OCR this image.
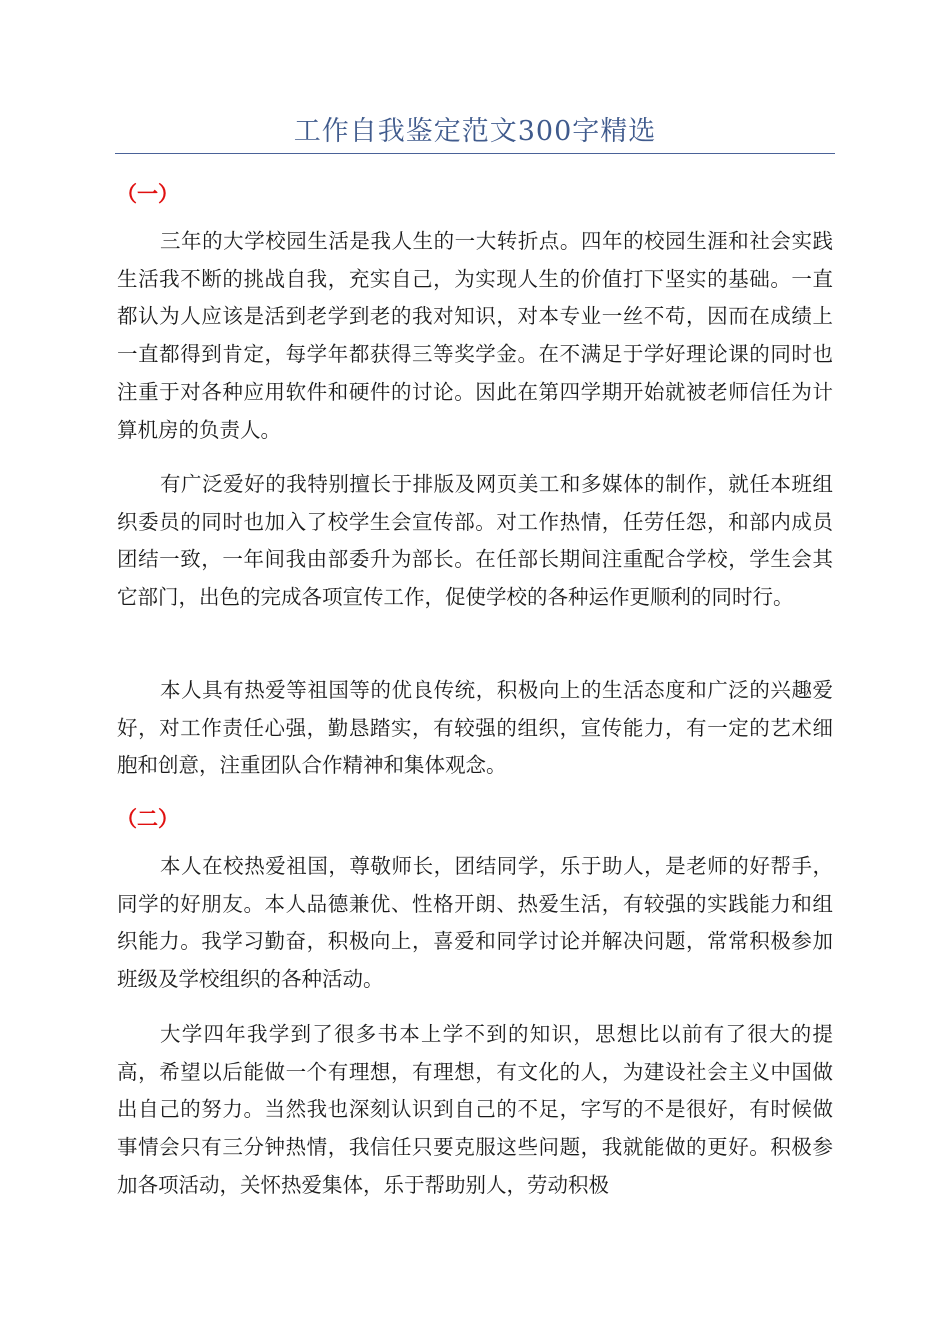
工作自我鉴定范文300字精选
（一）

三年的大学校园生活是我人生的一大转折点。四年的校园生涯和社会实践生活我不断的挑战自我，充实自己，为实现人生的价值打下坚实的基础。一直都认为人应该是活到老学到老的我对知识，对本专业一丝不苟，因而在成绩上一直都得到肯定，每学年都获得三等奖学金。在不满足于学好理论课的同时也注重于对各种应用软件和硬件的讨论。因此在第四学期开始就被老师信任为计算机房的负责人。

有广泛爱好的我特别擅长于排版及网页美工和多媒体的制作，就任本班组织委员的同时也加入了校学生会宣传部。对工作热情，任劳任怨，和部内成员团结一致，一年间我由部委升为部长。在任部长期间注重配合学校，学生会其它部门，出色的完成各项宣传工作，促使学校的各种运作更顺利的同时行。

本人具有热爱等祖国等的优良传统，积极向上的生活态度和广泛的兴趣爱好，对工作责任心强，勤恳踏实，有较强的组织，宣传能力，有一定的艺术细胞和创意，注重团队合作精神和集体观念。

（二）

本人在校热爱祖国，尊敬师长，团结同学，乐于助人，是老师的好帮手，同学的好朋友。本人品德兼优、性格开朗、热爱生活，有较强的实践能力和组织能力。我学习勤奋，积极向上，喜爱和同学讨论并解决问题，常常积极参加班级及学校组织的各种活动。

大学四年我学到了很多书本上学不到的知识，思想比以前有了很大的提高，希望以后能做一个有理想，有理想，有文化的人，为建设社会主义中国做出自己的努力。当然我也深刻认识到自己的不足，字写的不是很好，有时候做事情会只有三分钟热情，我信任只要克服这些问题，我就能做的更好。积极参加各项活动，关怀热爱集体，乐于帮助别人，劳动积极
